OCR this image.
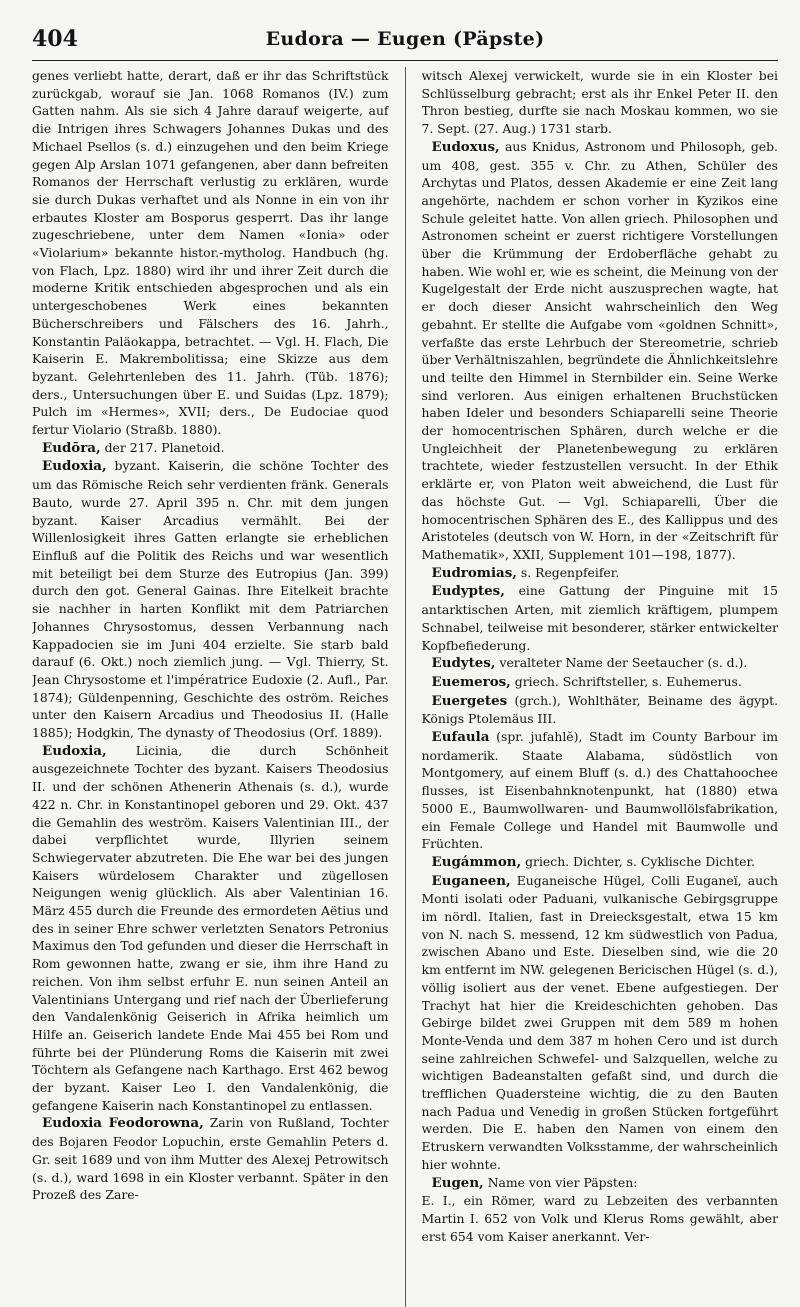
404	Eudora — Eugen (Päpste)

genes verliebt hatte, derart, daß er ihr das Schriftstück zurückgab, worauf sie Jan. 1068 Romanos (IV.) zum Gatten nahm. Als sie sich 4 Jahre darauf weigerte, auf die Intrigen ihres Schwagers Johannes Dukas und des Michael Psellos (s. d.) einzugehen und den beim Kriege gegen Alp Arslan 1071 gefangenen, aber dann befreiten Romanos der Herrschaft verlustig zu erklären, wurde sie durch Dukas verhaftet und als Nonne in ein von ihr erbautes Kloster am Bosporus gesperrt. Das ihr lange zugeschriebene, unter dem Namen «Ionia» oder «Violarium» bekannte histor.-mytholog. Handbuch (hg. von Flach, Lpz. 1880) wird ihr und ihrer Zeit durch die moderne Kritik entschieden abgesprochen und als ein untergeschobenes Werk eines bekannten Bücherschreibers und Fälschers des 16. Jahrh., Konstantin Paläokappa, betrachtet. — Vgl. H. Flach, Die Kaiserin E. Makrembolitissa; eine Skizze aus dem byzant. Gelehrtenleben des 11. Jahrh. (Tüb. 1876); ders., Untersuchungen über E. und Suidas (Lpz. 1879); Pulch im «Hermes», XVII; ders., De Eudociae quod fertur Violario (Straßb. 1880).

Eudōra, der 217. Planetoid.

Eudoxia, byzant. Kaiserin, die schöne Tochter des um das Römische Reich sehr verdienten fränk. Generals Bauto, wurde 27. April 395 n. Chr. mit dem jungen byzant. Kaiser Arcadius vermählt. Bei der Willenlosigkeit ihres Gatten erlangte sie erheblichen Einfluß auf die Politik des Reichs und war wesentlich mit beteiligt bei dem Sturze des Eutropius (Jan. 399) durch den got. General Gainas. Ihre Eitelkeit brachte sie nachher in harten Konflikt mit dem Patriarchen Johannes Chrysostomus, dessen Verbannung nach Kappadocien sie im Juni 404 erzielte. Sie starb bald darauf (6. Okt.) noch ziemlich jung. — Vgl. Thierry, St. Jean Chrysostome et l'impératrice Eudoxie (2. Aufl., Par. 1874); Güldenpenning, Geschichte des oström. Reiches unter den Kaisern Arcadius und Theodosius II. (Halle 1885); Hodgkin, The dynasty of Theodosius (Orf. 1889).

Eudoxia, Licinia, die durch Schönheit ausgezeichnete Tochter des byzant. Kaisers Theodosius II. und der schönen Athenerin Athenais (s. d.), wurde 422 n. Chr. in Konstantinopel geboren und 29. Okt. 437 die Gemahlin des weström. Kaisers Valentinian III., der dabei verpflichtet wurde, Illyrien seinem Schwiegervater abzutreten. Die Ehe war bei des jungen Kaisers würdelosem Charakter und zügellosen Neigungen wenig glücklich. Als aber Valentinian 16. März 455 durch die Freunde des ermordeten Aëtius und des in seiner Ehre schwer verletzten Senators Petronius Maximus den Tod gefunden und dieser die Herrschaft in Rom gewonnen hatte, zwang er sie, ihm ihre Hand zu reichen. Von ihm selbst erfuhr E. nun seinen Anteil an Valentinians Untergang und rief nach der Überlieferung den Vandalenkönig Geiserich in Afrika heimlich um Hilfe an. Geiserich landete Ende Mai 455 bei Rom und führte bei der Plünderung Roms die Kaiserin mit zwei Töchtern als Gefangene nach Karthago. Erst 462 bewog der byzant. Kaiser Leo I. den Vandalenkönig, die gefangene Kaiserin nach Konstantinopel zu entlassen.

Eudoxia Feodorowna, Zarin von Rußland, Tochter des Bojaren Feodor Lopuchin, erste Gemahlin Peters d. Gr. seit 1689 und von ihm Mutter des Alexej Petrowitsch (s. d.), ward 1698 in ein Kloster verbannt. Später in den Prozeß des Zare-

witsch Alexej verwickelt, wurde sie in ein Kloster bei Schlüsselburg gebracht; erst als ihr Enkel Peter II. den Thron bestieg, durfte sie nach Moskau kommen, wo sie 7. Sept. (27. Aug.) 1731 starb.

Eudoxus, aus Knidus, Astronom und Philosoph, geb. um 408, gest. 355 v. Chr. zu Athen, Schüler des Archytas und Platos, dessen Akademie er eine Zeit lang angehörte, nachdem er schon vorher in Kyzikos eine Schule geleitet hatte. Von allen griech. Philosophen und Astronomen scheint er zuerst richtigere Vorstellungen über die Krümmung der Erdoberfläche gehabt zu haben. Wie wohl er, wie es scheint, die Meinung von der Kugelgestalt der Erde nicht auszusprechen wagte, hat er doch dieser Ansicht wahrscheinlich den Weg gebahnt. Er stellte die Aufgabe vom «goldnen Schnitt», verfaßte das erste Lehrbuch der Stereometrie, schrieb über Verhältniszahlen, begründete die Ähnlichkeitslehre und teilte den Himmel in Sternbilder ein. Seine Werke sind verloren. Aus einigen erhaltenen Bruchstücken haben Ideler und besonders Schiaparelli seine Theorie der homocentrischen Sphären, durch welche er die Ungleichheit der Planetenbewegung zu erklären trachtete, wieder festzustellen versucht. In der Ethik erklärte er, von Platon weit abweichend, die Lust für das höchste Gut. — Vgl. Schiaparelli, Über die homocentrischen Sphären des E., des Kallippus und des Aristoteles (deutsch von W. Horn, in der «Zeitschrift für Mathematik», XXII, Supplement 101—198, 1877).

Eudromias, s. Regenpfeifer.

Eudyptes, eine Gattung der Pinguine mit 15 antarktischen Arten, mit ziemlich kräftigem, plumpem Schnabel, teilweise mit besonderer, stärker entwickelter Kopfbefiederung.

Eudytes, veralteter Name der Seetaucher (s. d.).

Euemeros, griech. Schriftsteller, s. Euhemerus.

Euergetes (grch.), Wohlthäter, Beiname des ägypt. Königs Ptolemäus III.

Eufaula (spr. jufahlĕ), Stadt im County Barbour im nordamerik. Staate Alabama, südöstlich von Montgomery, auf einem Bluff (s. d.) des Chattahoochee flusses, ist Eisenbahnknotenpunkt, hat (1880) etwa 5000 E., Baumwollwaren- und Baumwollölsfabrikation, ein Female College und Handel mit Baumwolle und Früchten.

Eugámmon, griech. Dichter, s. Cyklische Dichter.

Euganeen, Euganeische Hügel, Colli Euganeï, auch Monti isolati oder Paduani, vulkanische Gebirgsgruppe im nördl. Italien, fast in Dreiecksgestalt, etwa 15 km von N. nach S. messend, 12 km südwestlich von Padua, zwischen Abano und Este. Dieselben sind, wie die 20 km entfernt im NW. gelegenen Bericischen Hügel (s. d.), völlig isoliert aus der venet. Ebene aufgestiegen. Der Trachyt hat hier die Kreideschichten gehoben. Das Gebirge bildet zwei Gruppen mit dem 589 m hohen Monte-Venda und dem 387 m hohen Cero und ist durch seine zahlreichen Schwefel- und Salzquellen, welche zu wichtigen Badeanstalten gefaßt sind, und durch die trefflichen Quadersteine wichtig, die zu den Bauten nach Padua und Venedig in großen Stücken fortgeführt werden. Die E. haben den Namen von einem den Etruskern verwandten Volksstamme, der wahrscheinlich hier wohnte.

Eugen, Name von vier Päpsten:

E. I., ein Römer, ward zu Lebzeiten des verbannten Martin I. 652 von Volk und Klerus Roms gewählt, aber erst 654 vom Kaiser anerkannt. Ver-
